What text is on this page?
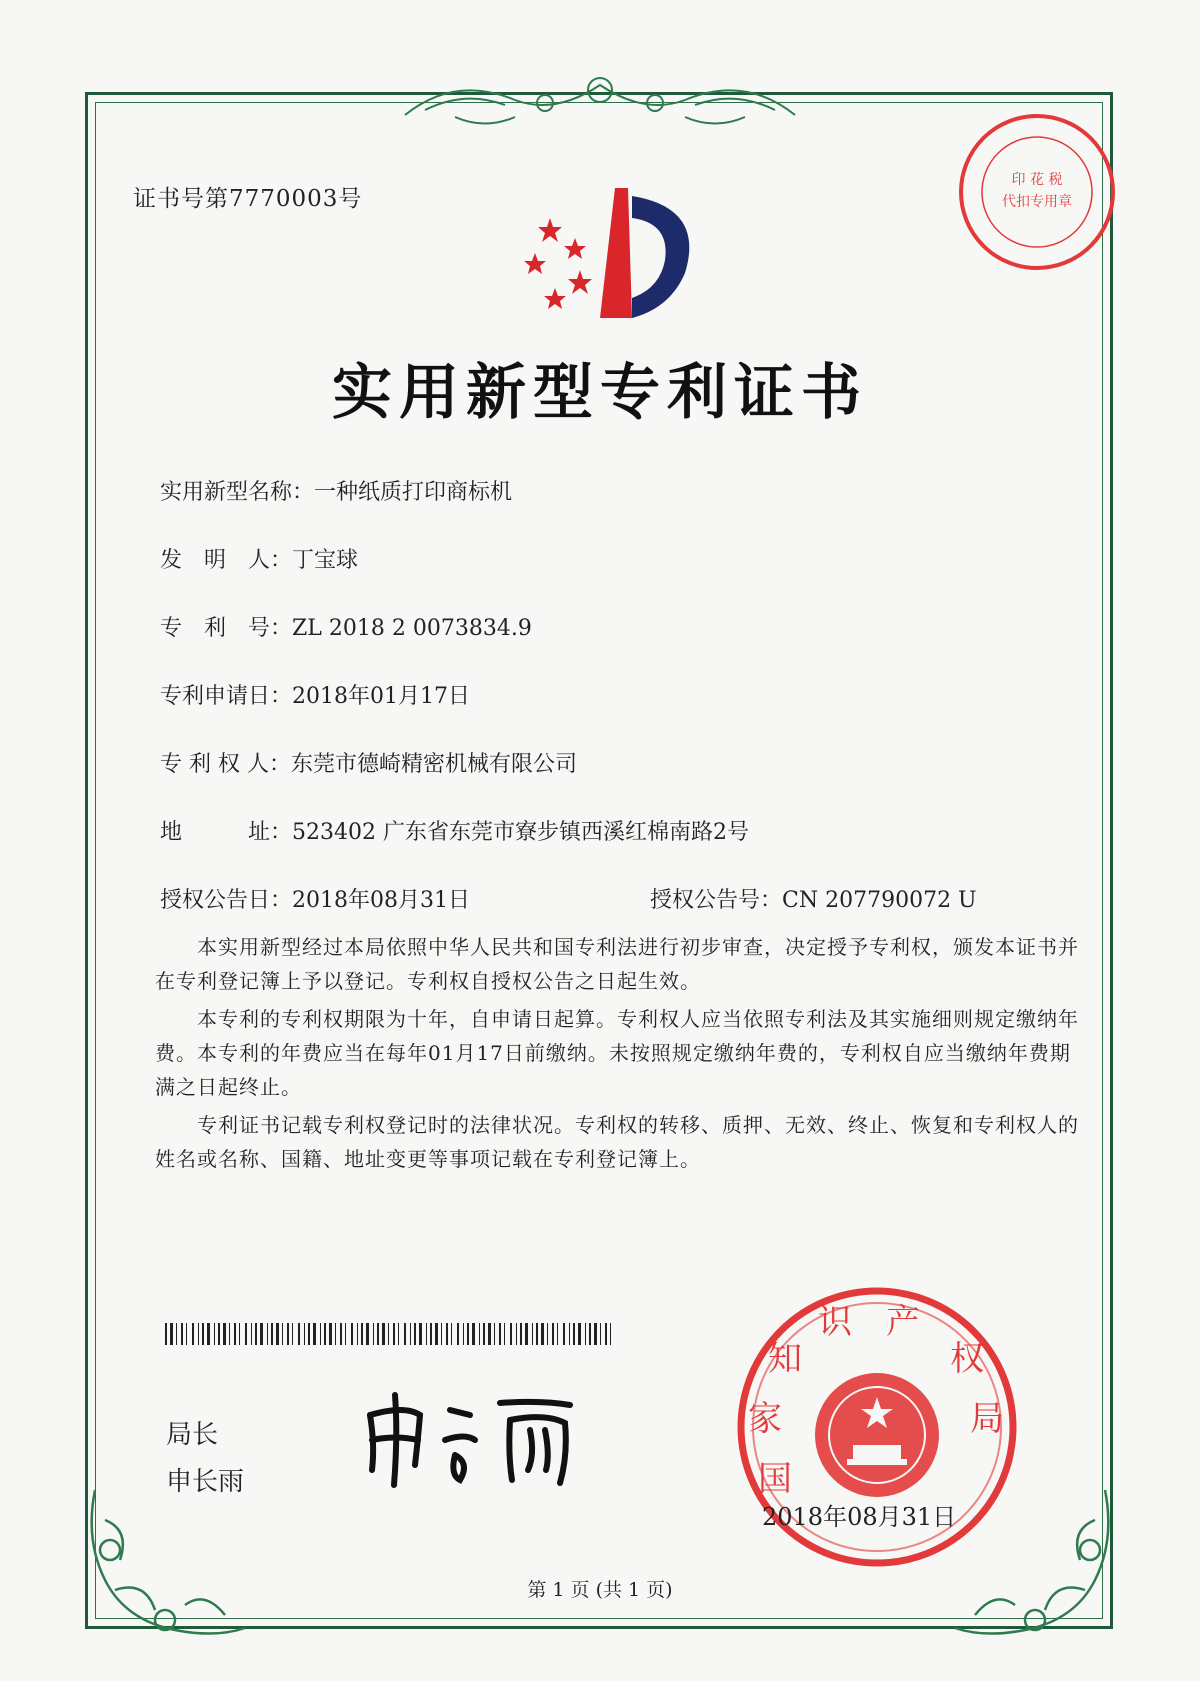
证书号第7770003号
印 花 税
代扣专用章
实用新型专利证书
实用新型名称：一种纸质打印商标机
发　明　人：丁宝球
专　利　号：ZL 2018 2 0073834.9
专利申请日：2018年01月17日
专 利 权 人：东莞市德崎精密机械有限公司
地　　　址：523402 广东省东莞市寮步镇西溪红棉南路2号
授权公告日：2018年08月31日	授权公告号：CN 207790072 U
　　本实用新型经过本局依照中华人民共和国专利法进行初步审查，决定授予专利权，颁发本证书并在专利登记簿上予以登记。专利权自授权公告之日起生效。
　　本专利的专利权期限为十年，自申请日起算。专利权人应当依照专利法及其实施细则规定缴纳年费。本专利的年费应当在每年01月17日前缴纳。未按照规定缴纳年费的，专利权自应当缴纳年费期满之日起终止。
　　专利证书记载专利权登记时的法律状况。专利权的转移、质押、无效、终止、恢复和专利权人的姓名或名称、国籍、地址变更等事项记载在专利登记簿上。
局长
申长雨	国
家
知
识 产
权
局
2018年08月31日
第 1 页 (共 1 页)
